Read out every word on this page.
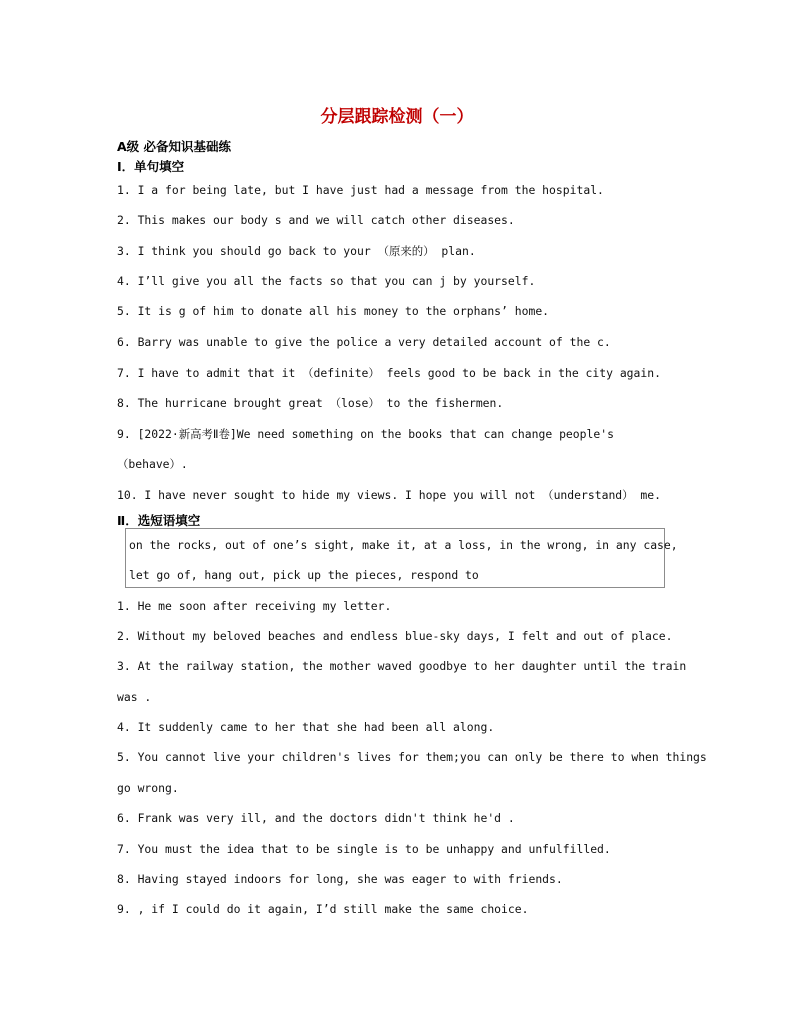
分层跟踪检测（一）
A级 必备知识基础练
Ⅰ．单句填空
1. I a for being late, but I have just had a message from the hospital.
2. This makes our body s and we will catch other diseases.
3. I think you should go back to your （原来的） plan.
4. I’ll give you all the facts so that you can j by yourself.
5. It is g of him to donate all his money to the orphans’ home.
6. Barry was unable to give the police a very detailed account of the c.
7. I have to admit that it （definite） feels good to be back in the city again.
8. The hurricane brought great （lose） to the fishermen.
9. [2022·新高考Ⅱ卷]We need something on the books that can change people's
（behave）.
10. I have never sought to hide my views. I hope you will not （understand） me.
Ⅱ．选短语填空
on the rocks, out of one’s sight, make it, at a loss, in the wrong, in any case,
let go of, hang out, pick up the pieces, respond to
1. He me soon after receiving my letter.
2. Without my beloved beaches and endless blue-sky days, I felt and out of place.
3. At the railway station, the mother waved goodbye to her daughter until the train
was .
4. It suddenly came to her that she had been all along.
5. You cannot live your children's lives for them;you can only be there to when things
go wrong.
6. Frank was very ill, and the doctors didn't think he'd .
7. You must the idea that to be single is to be unhappy and unfulfilled.
8. Having stayed indoors for long, she was eager to with friends.
9. , if I could do it again, I’d still make the same choice.
